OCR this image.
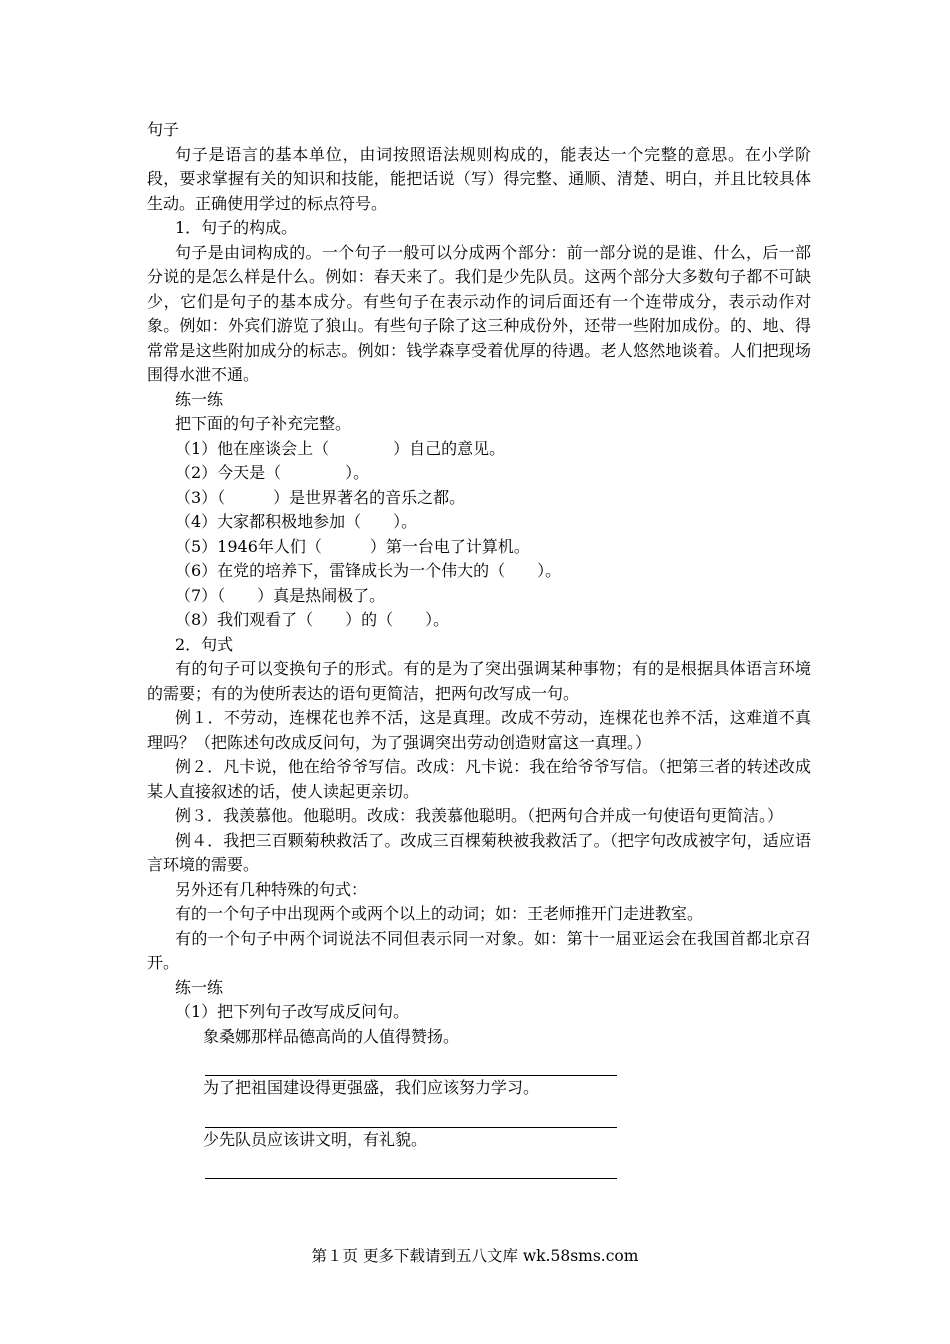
句子

句子是语言的基本单位，由词按照语法规则构成的，能表达一个完整的意思。在小学阶段，要求掌握有关的知识和技能，能把话说（写）得完整、通顺、清楚、明白，并且比较具体生动。正确使用学过的标点符号。

1．句子的构成。

句子是由词构成的。一个句子一般可以分成两个部分：前一部分说的是谁、什么，后一部分说的是怎么样是什么。例如：春天来了。我们是少先队员。这两个部分大多数句子都不可缺少，它们是句子的基本成分。有些句子在表示动作的词后面还有一个连带成分，表示动作对象。例如：外宾们游览了狼山。有些句子除了这三种成份外，还带一些附加成份。的、地、得常常是这些附加成分的标志。例如：钱学森享受着优厚的待遇。老人悠然地谈着。人们把现场围得水泄不通。

练一练

把下面的句子补充完整。

（1）他在座谈会上（　　　　）自己的意见。

（2）今天是（　　　　）。

（3）（　　　）是世界著名的音乐之都。

（4）大家都积极地参加（　　）。

（5）1946年人们（　　　）第一台电了计算机。

（6）在党的培养下，雷锋成长为一个伟大的（　　）。

（7）（　　）真是热闹极了。

（8）我们观看了（　　）的（　　）。

2．句式

有的句子可以变换句子的形式。有的是为了突出强调某种事物；有的是根据具体语言环境的需要；有的为使所表达的语句更简洁，把两句改写成一句。

例１．不劳动，连棵花也养不活，这是真理。改成不劳动，连棵花也养不活，这难道不真理吗？（把陈述句改成反问句，为了强调突出劳动创造财富这一真理。）

例２．凡卡说，他在给爷爷写信。改成：凡卡说：我在给爷爷写信。（把第三者的转述改成某人直接叙述的话，使人读起更亲切。

例３．我羡慕他。他聪明。改成：我羡慕他聪明。（把两句合并成一句使语句更简洁。）

例４．我把三百颗菊秧救活了。改成三百棵菊秧被我救活了。（把字句改成被字句，适应语言环境的需要。

另外还有几种特殊的句式：

有的一个句子中出现两个或两个以上的动词；如：王老师推开门走进教室。

有的一个句子中两个词说法不同但表示同一对象。如：第十一届亚运会在我国首都北京召开。

练一练

（1）把下列句子改写成反问句。

象桑娜那样品德高尚的人值得赞扬。

为了把祖国建设得更强盛，我们应该努力学习。

少先队员应该讲文明，有礼貌。

第１页 更多下载请到五八文库 wk.58sms.com
